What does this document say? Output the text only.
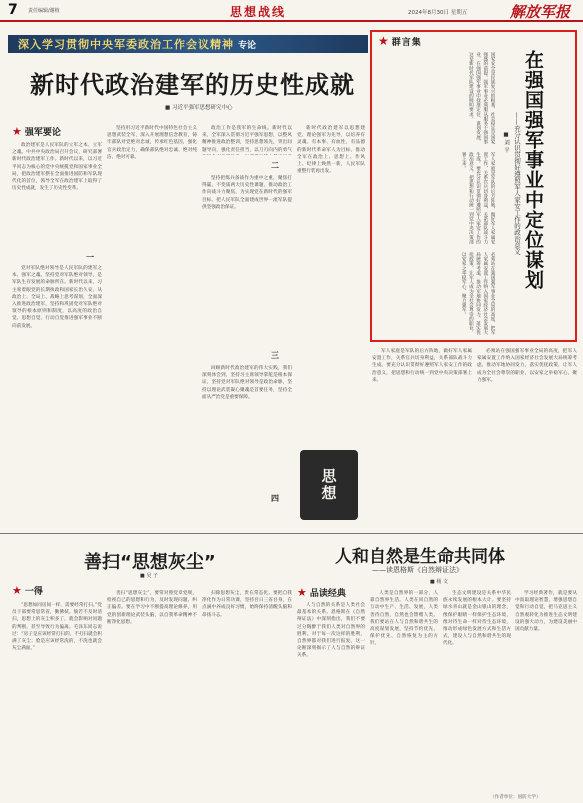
7 责任编辑/谢植	思想战线	2024年8月30日 星期五	解放军报
深入学习贯彻中央军委政治工作会议精神 专论
新时代政治建军的历史性成就
■ 习近平强军思想研究中心
★ 强军要论
一
二
三
四

政治建军是人民军队的立军之本、立军之魂。中共中央政治局召开会议，研究部署新时代政治建军工作。新时代以来，以习近平同志为核心的党中央统揽党和国家事业全局，把政治建军摆在全面推进国防和军队现代化的首位，领导全军在政治建军上取得了历史性成就，发生了历史性变革。

党对军队绝对领导是人民军队的建军之本、强军之魂。坚持党对军队绝对领导，是军队生存发展的命脉所在。新时代以来，习主席着眼党的长期执政和国家长治久安，从政治上、全局上、战略上思考谋划，全面深入推进政治建军，坚持和巩固党对军队绝对领导的根本原则和制度，以高度的政治自觉、思想自觉、行动自觉推进强军事业不断向前发展。

坚持用习近平新时代中国特色社会主义思想武装全军，深入开展理想信念教育，铸牢部队对党绝对忠诚，传承红色基因，强化官兵政治定力，确保部队绝对忠诚、绝对纯洁、绝对可靠。

政治工作是我军的生命线。新时代以来，全军深入贯彻习近平强军思想，以整风精神推进政治整训，坚持思想领先，突出问题导向，强化责任担当，以刀刃向内的勇气

坚持把练兵备战作为重中之重，聚焦打得赢、不变质两大历史性课题，推动政治工作向战斗力聚焦，为实现党在新时代的强军目标、把人民军队全面建成世界一流军队提供坚强政治保证。

新时代政治建军以思想建党、理论强军为先导，以培养有灵魂、有本事、有血性、有品德的新时代革命军人为目标，推动全军在政治上、思想上、作风上、纪律上焕然一新，人民军队重整行装再出发。

回顾新时代政治建军的伟大实践，我们深刻体会到，坚持习主席领导掌舵是根本保证，坚持党对军队绝对领导是政治命脉，坚持以理论武装凝心聚魂是首要任务，坚持全面从严治党是重要保障。

思想
★ 群言集
在强国强军事业中定位谋划
——充分认识贯彻好遵照军人家安工作的政治意义
■ 刘 平
国家安全是民族复兴的根基，社会稳定是国家强盛的前提。强军事业必须服从服务于强国事业，在强国强军事业中找准定位、谋划发展，这是新时代军队建设的鲜明要求。
军人家庭是军队的后方阵地，做好军人家属安置工作，关系官兵切身利益，关系部队战斗力生成。要充分认识贯彻好遵照军人家安工作的政治意义，把思想和行动统一到党中央决策部署上来。
必须站在强国强军事业全局的高度，把军人家属安置工作纳入国家经济社会发展大局统筹考虑，推动军地协同发力，落实优抚政策，让军人成为全社会尊崇的职业，以安家之举稳军心、聚力强军。

军人家庭是军队的后方阵地，做好军人家属安置工作，关系官兵切身利益，关系部队战斗力生成。要充分认识贯彻好遵照军人家安工作的政治意义，把思想和行动统一到党中央决策部署上来。

必须站在强国强军事业全局的高度，把军人家属安置工作纳入国家经济社会发展大局统筹考虑，推动军地协同发力，落实优抚政策，让军人成为全社会尊崇的职业，以安家之举稳军心、聚力强军。

善扫“思想灰尘”
■ 吴 子
★ 一得

“思想如同房间一样，需要经常打扫。”党员干部要常思常省，勤拂拭。倘若不及时清扫，思想上的灰尘积多了，就会影响对问题的判断，甚至导致行为偏离。毛泽东同志说过：“房子是应该经常打扫的，不打扫就会积满了灰尘；脸是应该经常洗的，不洗也就会灰尘满面。”

善扫“思想灰尘”，要常对照党章党规，检视自己的思想和行为，及时发现问题、纠正偏差。要在学习中不断提高理论修养，用党的创新理论武装头脑，以自我革命精神不断净化思想。

扫除思想灰尘，贵在常态化。要把自我净化作为日常功课，坚持吾日三省吾身，在点滴中养成良好习惯，始终保持清醒头脑和昂扬斗志。

人和自然是生命共同体
——读恩格斯《自然辩证法》
■ 杨 文
★ 品读经典

人与自然的关系是人类社会最基本的关系。恩格斯在《自然辩证法》中深刻指出，我们不要过分陶醉于我们人类对自然界的胜利。对于每一次这样的胜利，自然界都对我们进行报复。这一论断深刻揭示了人与自然的辩证关系。

人类是自然界的一部分，人靠自然界生活。人类在同自然的互动中生产、生活、发展，人类善待自然，自然也会馈赠人类。我们要站在人与自然和谐共生的高度谋划发展，坚持节约优先、保护优先、自然恢复为主的方针。

生态文明建设是关系中华民族永续发展的根本大计。要坚持绿水青山就是金山银山的理念，像保护眼睛一样保护生态环境，像对待生命一样对待生态环境，推动形成绿色发展方式和生活方式，建设人与自然和谐共生的现代化。

学习经典著作，就是要从中汲取理论智慧，增强思想自觉和行动自觉，把马克思主义自然观转化为推进生态文明建设的强大动力，为建设美丽中国贡献力量。

（作者单位：国防大学）
